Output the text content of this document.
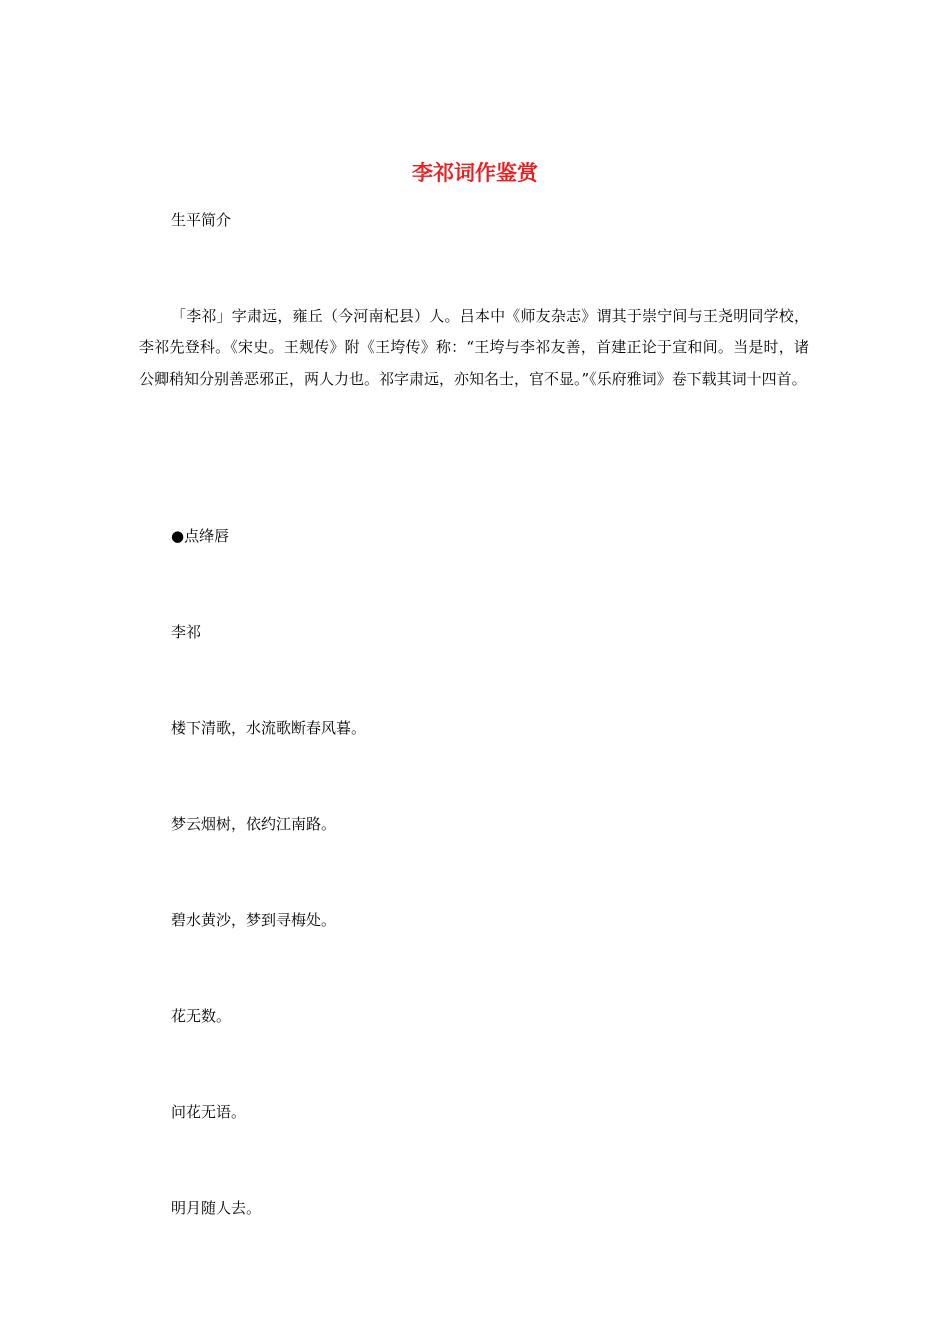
李祁词作鉴赏
生平简介
「李祁」字肃远，雍丘（今河南杞县）人。吕本中《师友杂志》谓其于崇宁间与王尧明同学校，李祁先登科。《宋史。王觌传》附《王垮传》称：“王垮与李祁友善，首建正论于宣和间。当是时，诸公卿稍知分别善恶邪正，两人力也。祁字肃远，亦知名士，官不显。”《乐府雅词》卷下载其词十四首。
●点绛唇
李祁
楼下清歌，水流歌断春风暮。
梦云烟树，依约江南路。
碧水黄沙，梦到寻梅处。
花无数。
问花无语。
明月随人去。
